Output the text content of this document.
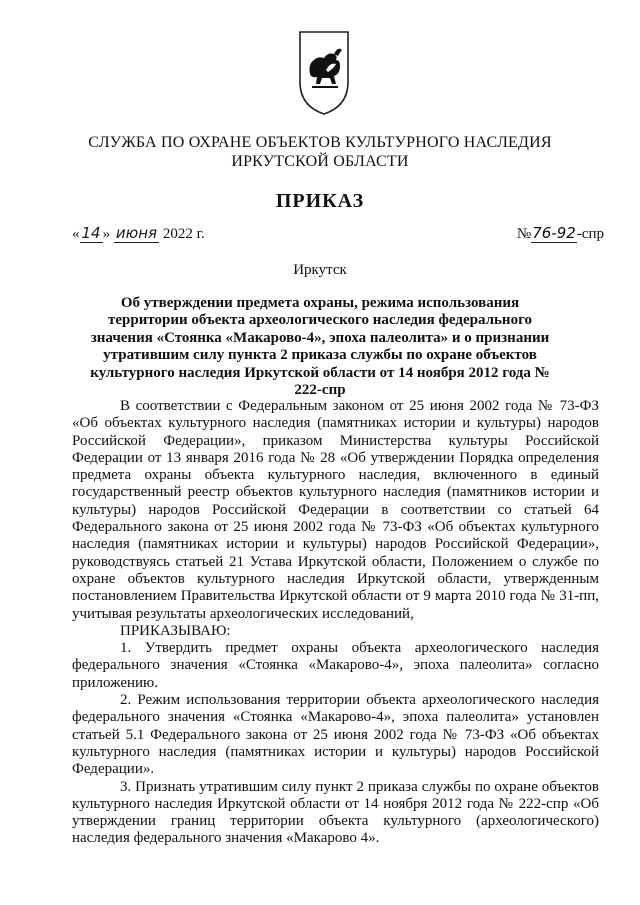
СЛУЖБА ПО ОХРАНЕ ОБЪЕКТОВ КУЛЬТУРНОГО НАСЛЕДИЯ
ИРКУТСКОЙ ОБЛАСТИ
ПРИКАЗ
« 14 » июня 2022 г.	№76-92-спр
Иркутск
Об утверждении предмета охраны, режима использования территории объекта археологического наследия федерального значения «Стоянка «Макарово-4», эпоха палеолита» и о признании утратившим силу пункта 2 приказа службы по охране объектов культурного наследия Иркутской области от 14 ноября 2012 года № 222-спр

В соответствии с Федеральным законом от 25 июня 2002 года № 73-ФЗ «Об объектах культурного наследия (памятниках истории и культуры) народов Российской Федерации», приказом Министерства культуры Российской Федерации от 13 января 2016 года № 28 «Об утверждении Порядка определения предмета охраны объекта культурного наследия, включенного в единый государственный реестр объектов культурного наследия (памятников истории и культуры) народов Российской Федерации в соответствии со статьей 64 Федерального закона от 25 июня 2002 года № 73-ФЗ «Об объектах культурного наследия (памятниках истории и культуры) народов Российской Федерации», руководствуясь статьей 21 Устава Иркутской области, Положением о службе по охране объектов культурного наследия Иркутской области, утвержденным постановлением Правительства Иркутской области от 9 марта 2010 года № 31-пп, учитывая результаты археологических исследований,

ПРИКАЗЫВАЮ:

1. Утвердить предмет охраны объекта археологического наследия федерального значения «Стоянка «Макарово-4», эпоха палеолита» согласно приложению.

2. Режим использования территории объекта археологического наследия федерального значения «Стоянка «Макарово-4», эпоха палеолита» установлен статьей 5.1 Федерального закона от 25 июня 2002 года № 73-ФЗ «Об объектах культурного наследия (памятниках истории и культуры) народов Российской Федерации».

3. Признать утратившим силу пункт 2 приказа службы по охране объектов культурного наследия Иркутской области от 14 ноября 2012 года № 222-спр «Об утверждении границ территории объекта культурного (археологического) наследия федерального значения «Макарово 4».
